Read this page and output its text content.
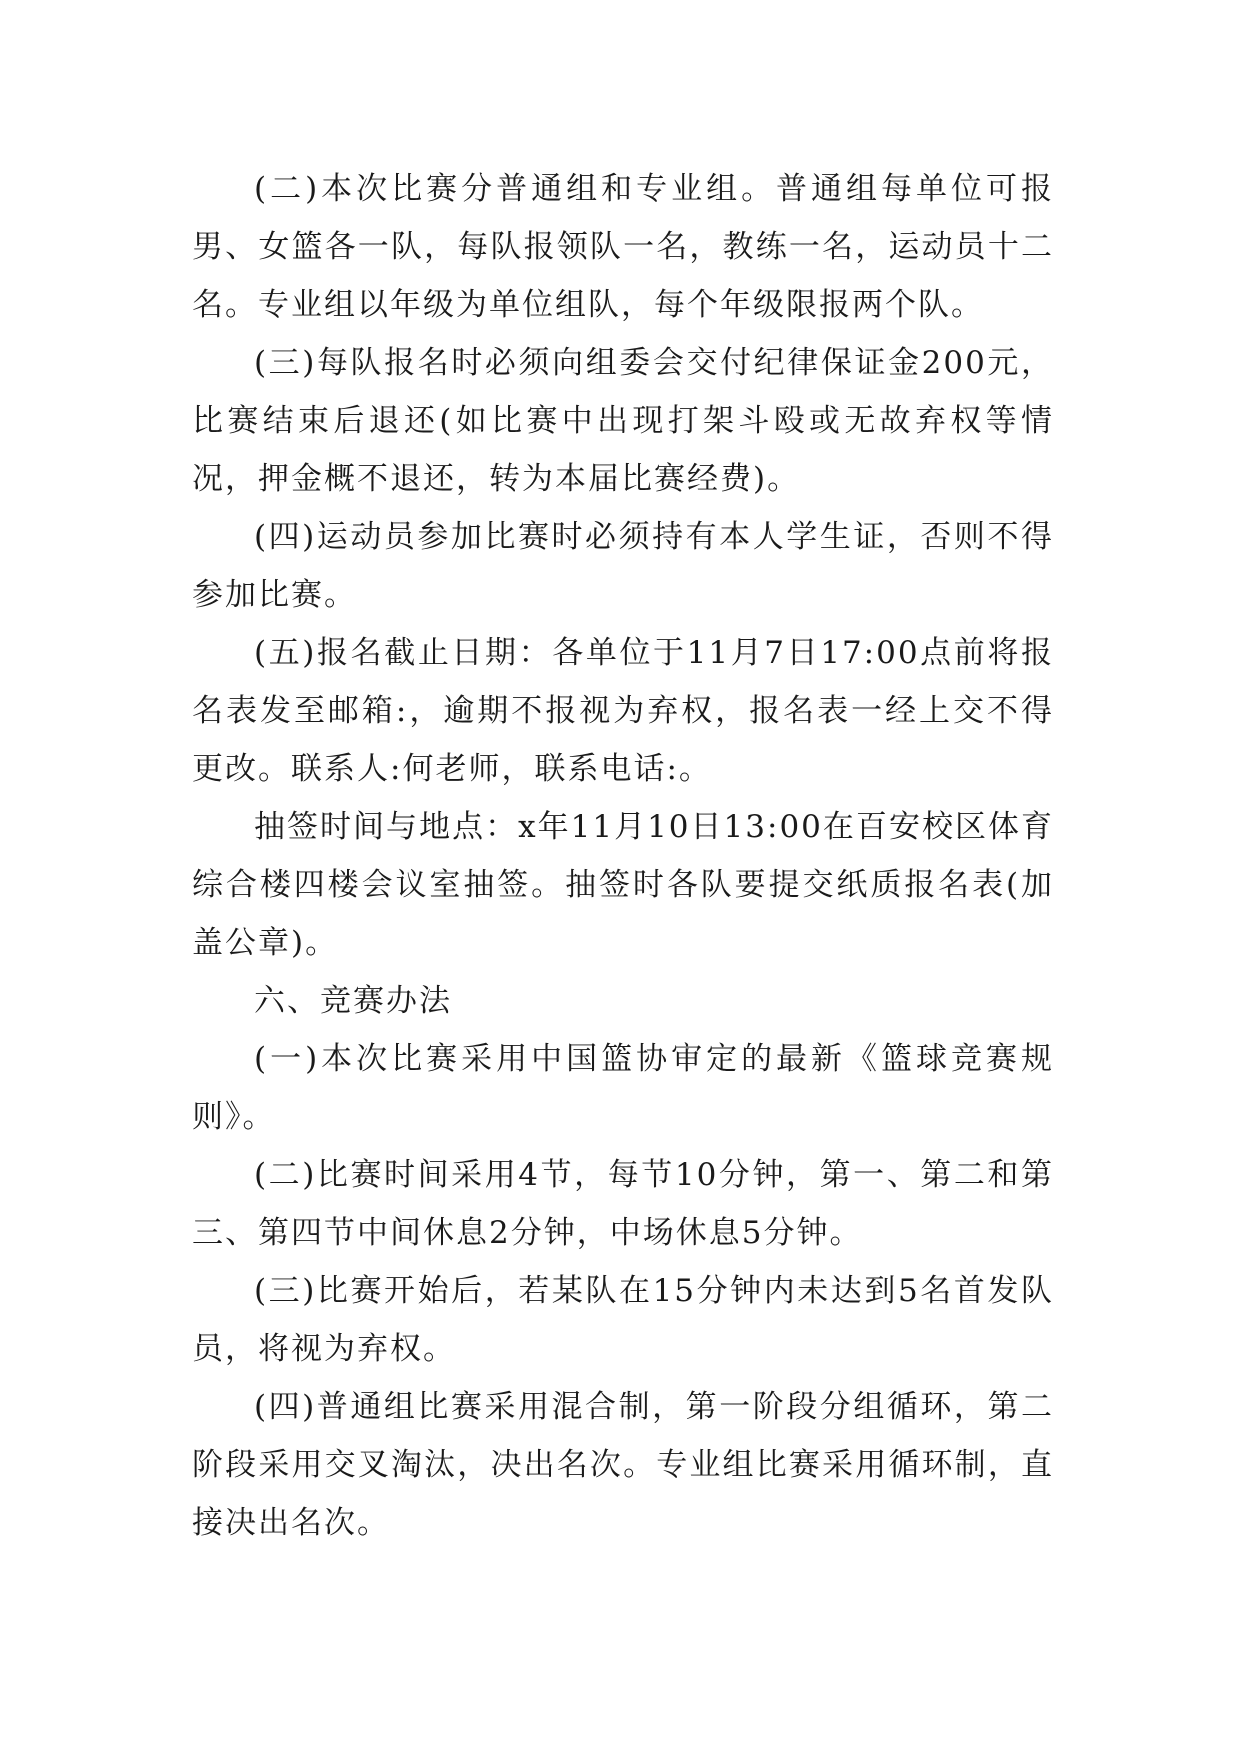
(二)本次比赛分普通组和专业组。普通组每单位可报男、女篮各一队，每队报领队一名，教练一名，运动员十二名。专业组以年级为单位组队，每个年级限报两个队。

(三)每队报名时必须向组委会交付纪律保证金200元，比赛结束后退还(如比赛中出现打架斗殴或无故弃权等情况，押金概不退还，转为本届比赛经费)。

(四)运动员参加比赛时必须持有本人学生证，否则不得参加比赛。

(五)报名截止日期：各单位于11月7日17:00点前将报名表发至邮箱:，逾期不报视为弃权，报名表一经上交不得更改。联系人:何老师，联系电话:。

抽签时间与地点：x年11月10日13:00在百安校区体育综合楼四楼会议室抽签。抽签时各队要提交纸质报名表(加盖公章)。

六、竞赛办法

(一)本次比赛采用中国篮协审定的最新《篮球竞赛规则》。

(二)比赛时间采用4节，每节10分钟，第一、第二和第三、第四节中间休息2分钟，中场休息5分钟。

(三)比赛开始后，若某队在15分钟内未达到5名首发队员，将视为弃权。

(四)普通组比赛采用混合制，第一阶段分组循环，第二阶段采用交叉淘汰，决出名次。专业组比赛采用循环制，直接决出名次。
